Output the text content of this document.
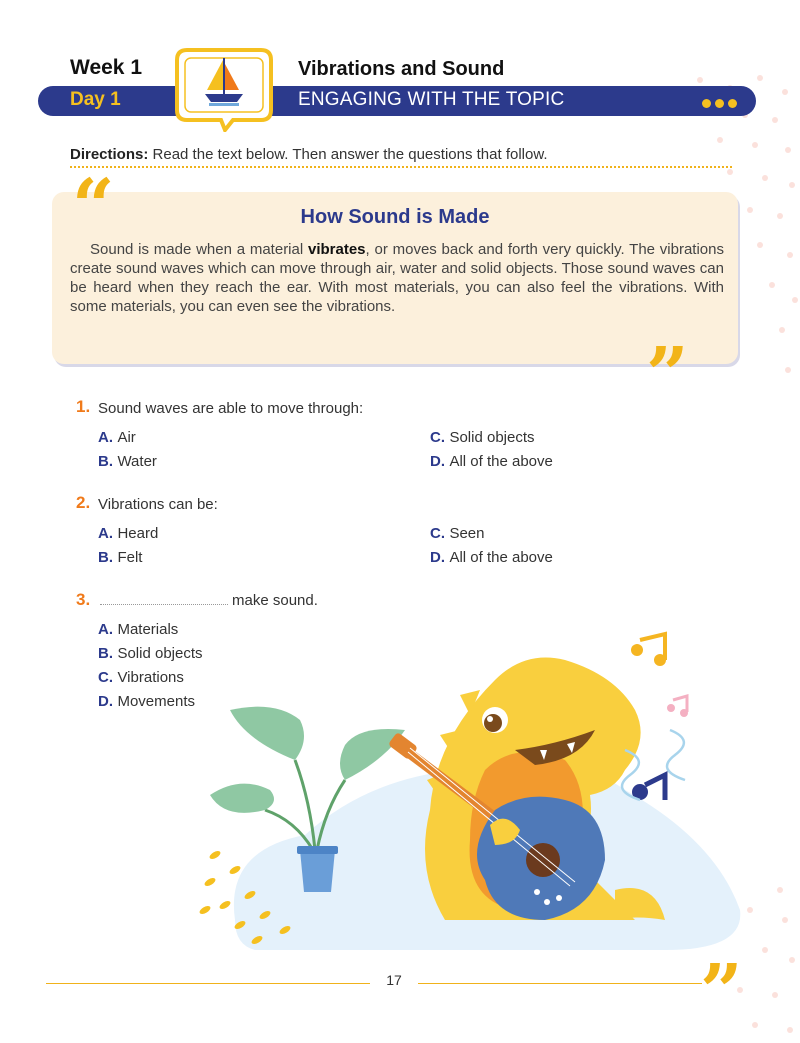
Week 1	Vibrations and Sound
Day 1	ENGAGING WITH THE TOPIC
Directions: Read the text below. Then answer the questions that follow.
“
”
How Sound is Made
Sound is made when a material vibrates, or moves back and forth very quickly. The vibrations create sound waves which can move through air, water and solid objects. Those sound waves can be heard when they reach the ear. With most materials, you can also feel the vibrations. With some materials, you can even see the vibrations.
1. Sound waves are able to move through:
A. Air
B. Water
C. Solid objects
D. All of the above
2. Vibrations can be:
A. Heard
B. Felt
C. Seen
D. All of the above
3.	make sound.
A. Materials
B. Solid objects
C. Vibrations
D. Movements
17	”
